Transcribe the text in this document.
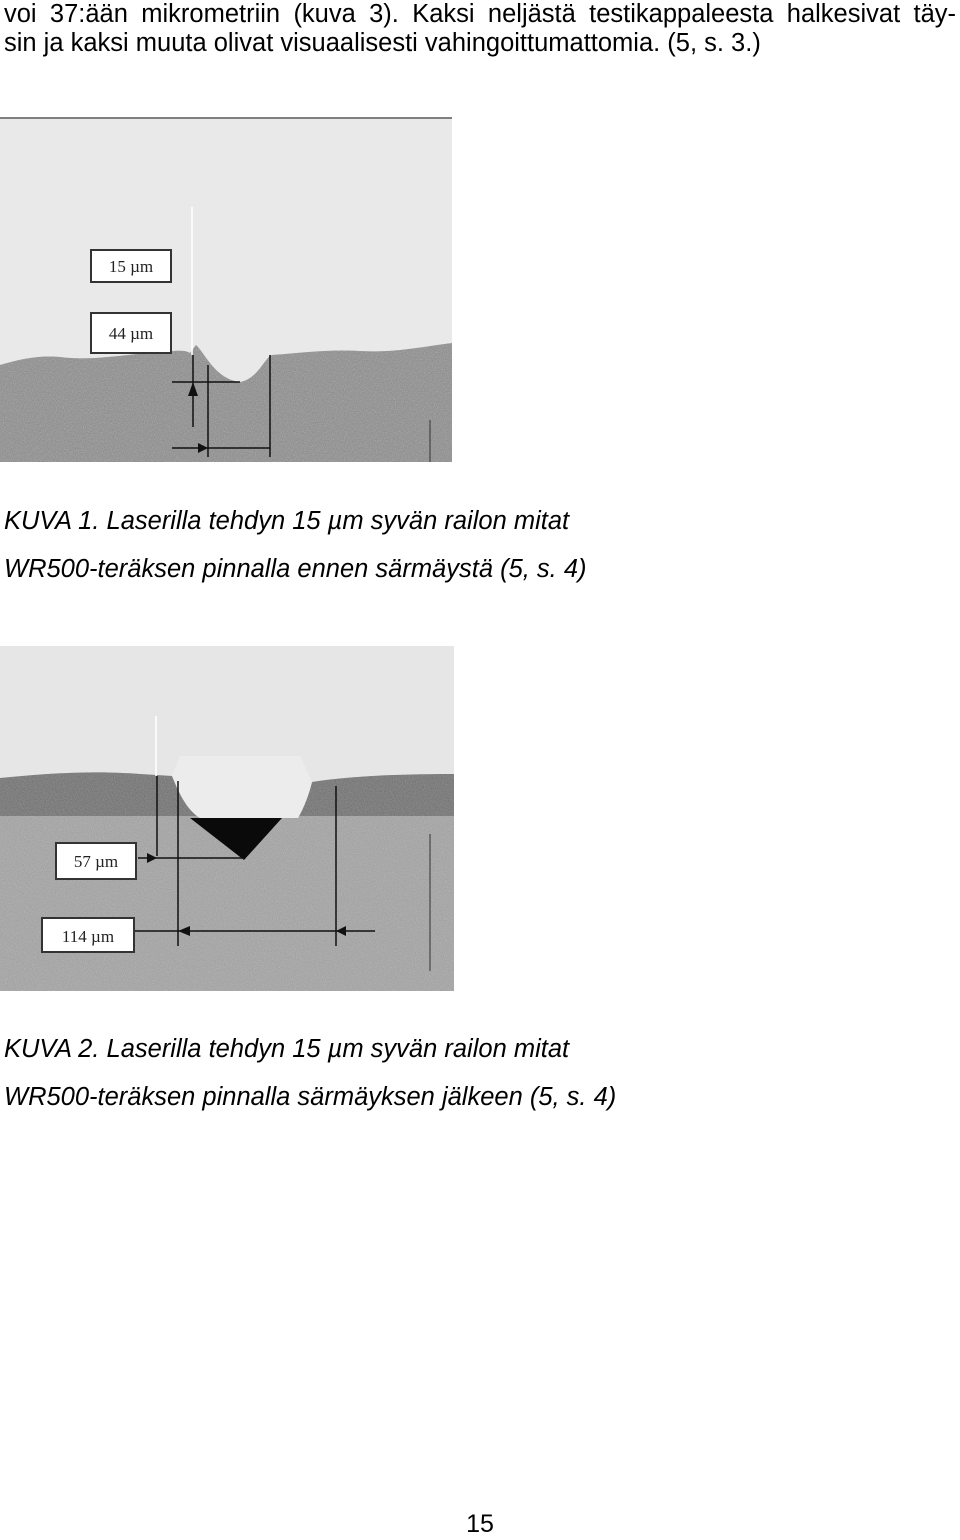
voi 37:ään mikrometriin (kuva 3). Kaksi neljästä testikappaleesta halkesivat täy-
sin ja kaksi muuta olivat visuaalisesti vahingoittumattomia. (5, s. 3.)
15 µm
44 µm
KUVA 1. Laserilla tehdyn 15 µm syvän railon mitat
WR500-teräksen pinnalla ennen särmäystä (5, s. 4)
57 µm
114 µm
KUVA 2. Laserilla tehdyn 15 µm syvän railon mitat
WR500-teräksen pinnalla särmäyksen jälkeen (5, s. 4)
15
